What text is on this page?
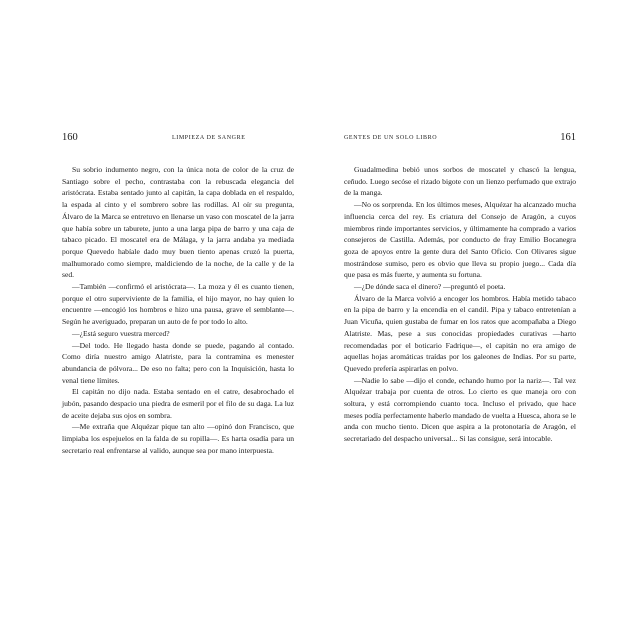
160	LIMPIEZA DE SANGRE

Su sobrio indumento negro, con la única nota de color de la cruz de Santiago sobre el pecho, contrastaba con la rebuscada elegancia del aristócrata. Estaba sentado junto al capitán, la capa doblada en el respaldo, la espada al cinto y el sombrero sobre las rodillas. Al oír su pregunta, Álvaro de la Marca se entretuvo en llenarse un vaso con moscatel de la jarra que había sobre un taburete, junto a una larga pipa de barro y una caja de tabaco picado. El moscatel era de Málaga, y la jarra andaba ya mediada porque Quevedo habíale dado muy buen tiento apenas cruzó la puerta, malhumorado como siempre, maldiciendo de la noche, de la calle y de la sed.

—También —confirmó el aristócrata—. La moza y él es cuanto tienen, porque el otro superviviente de la familia, el hijo mayor, no hay quien lo encuentre —encogió los hombros e hizo una pausa, grave el semblante—. Según he averiguado, preparan un auto de fe por todo lo alto.

—¿Está seguro vuestra merced?

—Del todo. He llegado hasta donde se puede, pagando al contado. Como diría nuestro amigo Alatriste, para la contramina es menester abundancia de pólvora... De eso no falta; pero con la Inquisición, hasta lo venal tiene límites.

El capitán no dijo nada. Estaba sentado en el catre, desabrochado el jubón, pasando despacio una piedra de esmeril por el filo de su daga. La luz de aceite dejaba sus ojos en sombra.

—Me extraña que Alquézar pique tan alto —opinó don Francisco, que limpiaba los espejuelos en la falda de su ropilla—. Es harta osadía para un secretario real enfrentarse al valido, aunque sea por mano interpuesta.

GENTES DE UN SOLO LIBRO	161

Guadalmedina bebió unos sorbos de moscatel y chascó la lengua, ceñudo. Luego secóse el rizado bigote con un lienzo perfumado que extrajo de la manga.

—No os sorprenda. En los últimos meses, Alquézar ha alcanzado mucha influencia cerca del rey. Es criatura del Consejo de Aragón, a cuyos miembros rinde importantes servicios, y últimamente ha comprado a varios consejeros de Castilla. Además, por conducto de fray Emilio Bocanegra goza de apoyos entre la gente dura del Santo Oficio. Con Olivares sigue mostrándose sumiso, pero es obvio que lleva su propio juego... Cada día que pasa es más fuerte, y aumenta su fortuna.

—¿De dónde saca el dinero? —preguntó el poeta.

Álvaro de la Marca volvió a encoger los hombros. Había metido tabaco en la pipa de barro y la encendía en el candil. Pipa y tabaco entretenían a Juan Vicuña, quien gustaba de fumar en los ratos que acompañaba a Diego Alatriste. Mas, pese a sus conocidas propiedades curativas —harto recomendadas por el boticario Fadrique—, el capitán no era amigo de aquellas hojas aromáticas traídas por los galeones de Indias. Por su parte, Quevedo prefería aspirarlas en polvo.

—Nadie lo sabe —dijo el conde, echando humo por la nariz—. Tal vez Alquézar trabaja por cuenta de otros. Lo cierto es que maneja oro con soltura, y está corrompiendo cuanto toca. Incluso el privado, que hace meses podía perfectamente haberlo mandado de vuelta a Huesca, ahora se le anda con mucho tiento. Dicen que aspira a la protonotaría de Aragón, el secretariado del despacho universal... Si las consigue, será intocable.
